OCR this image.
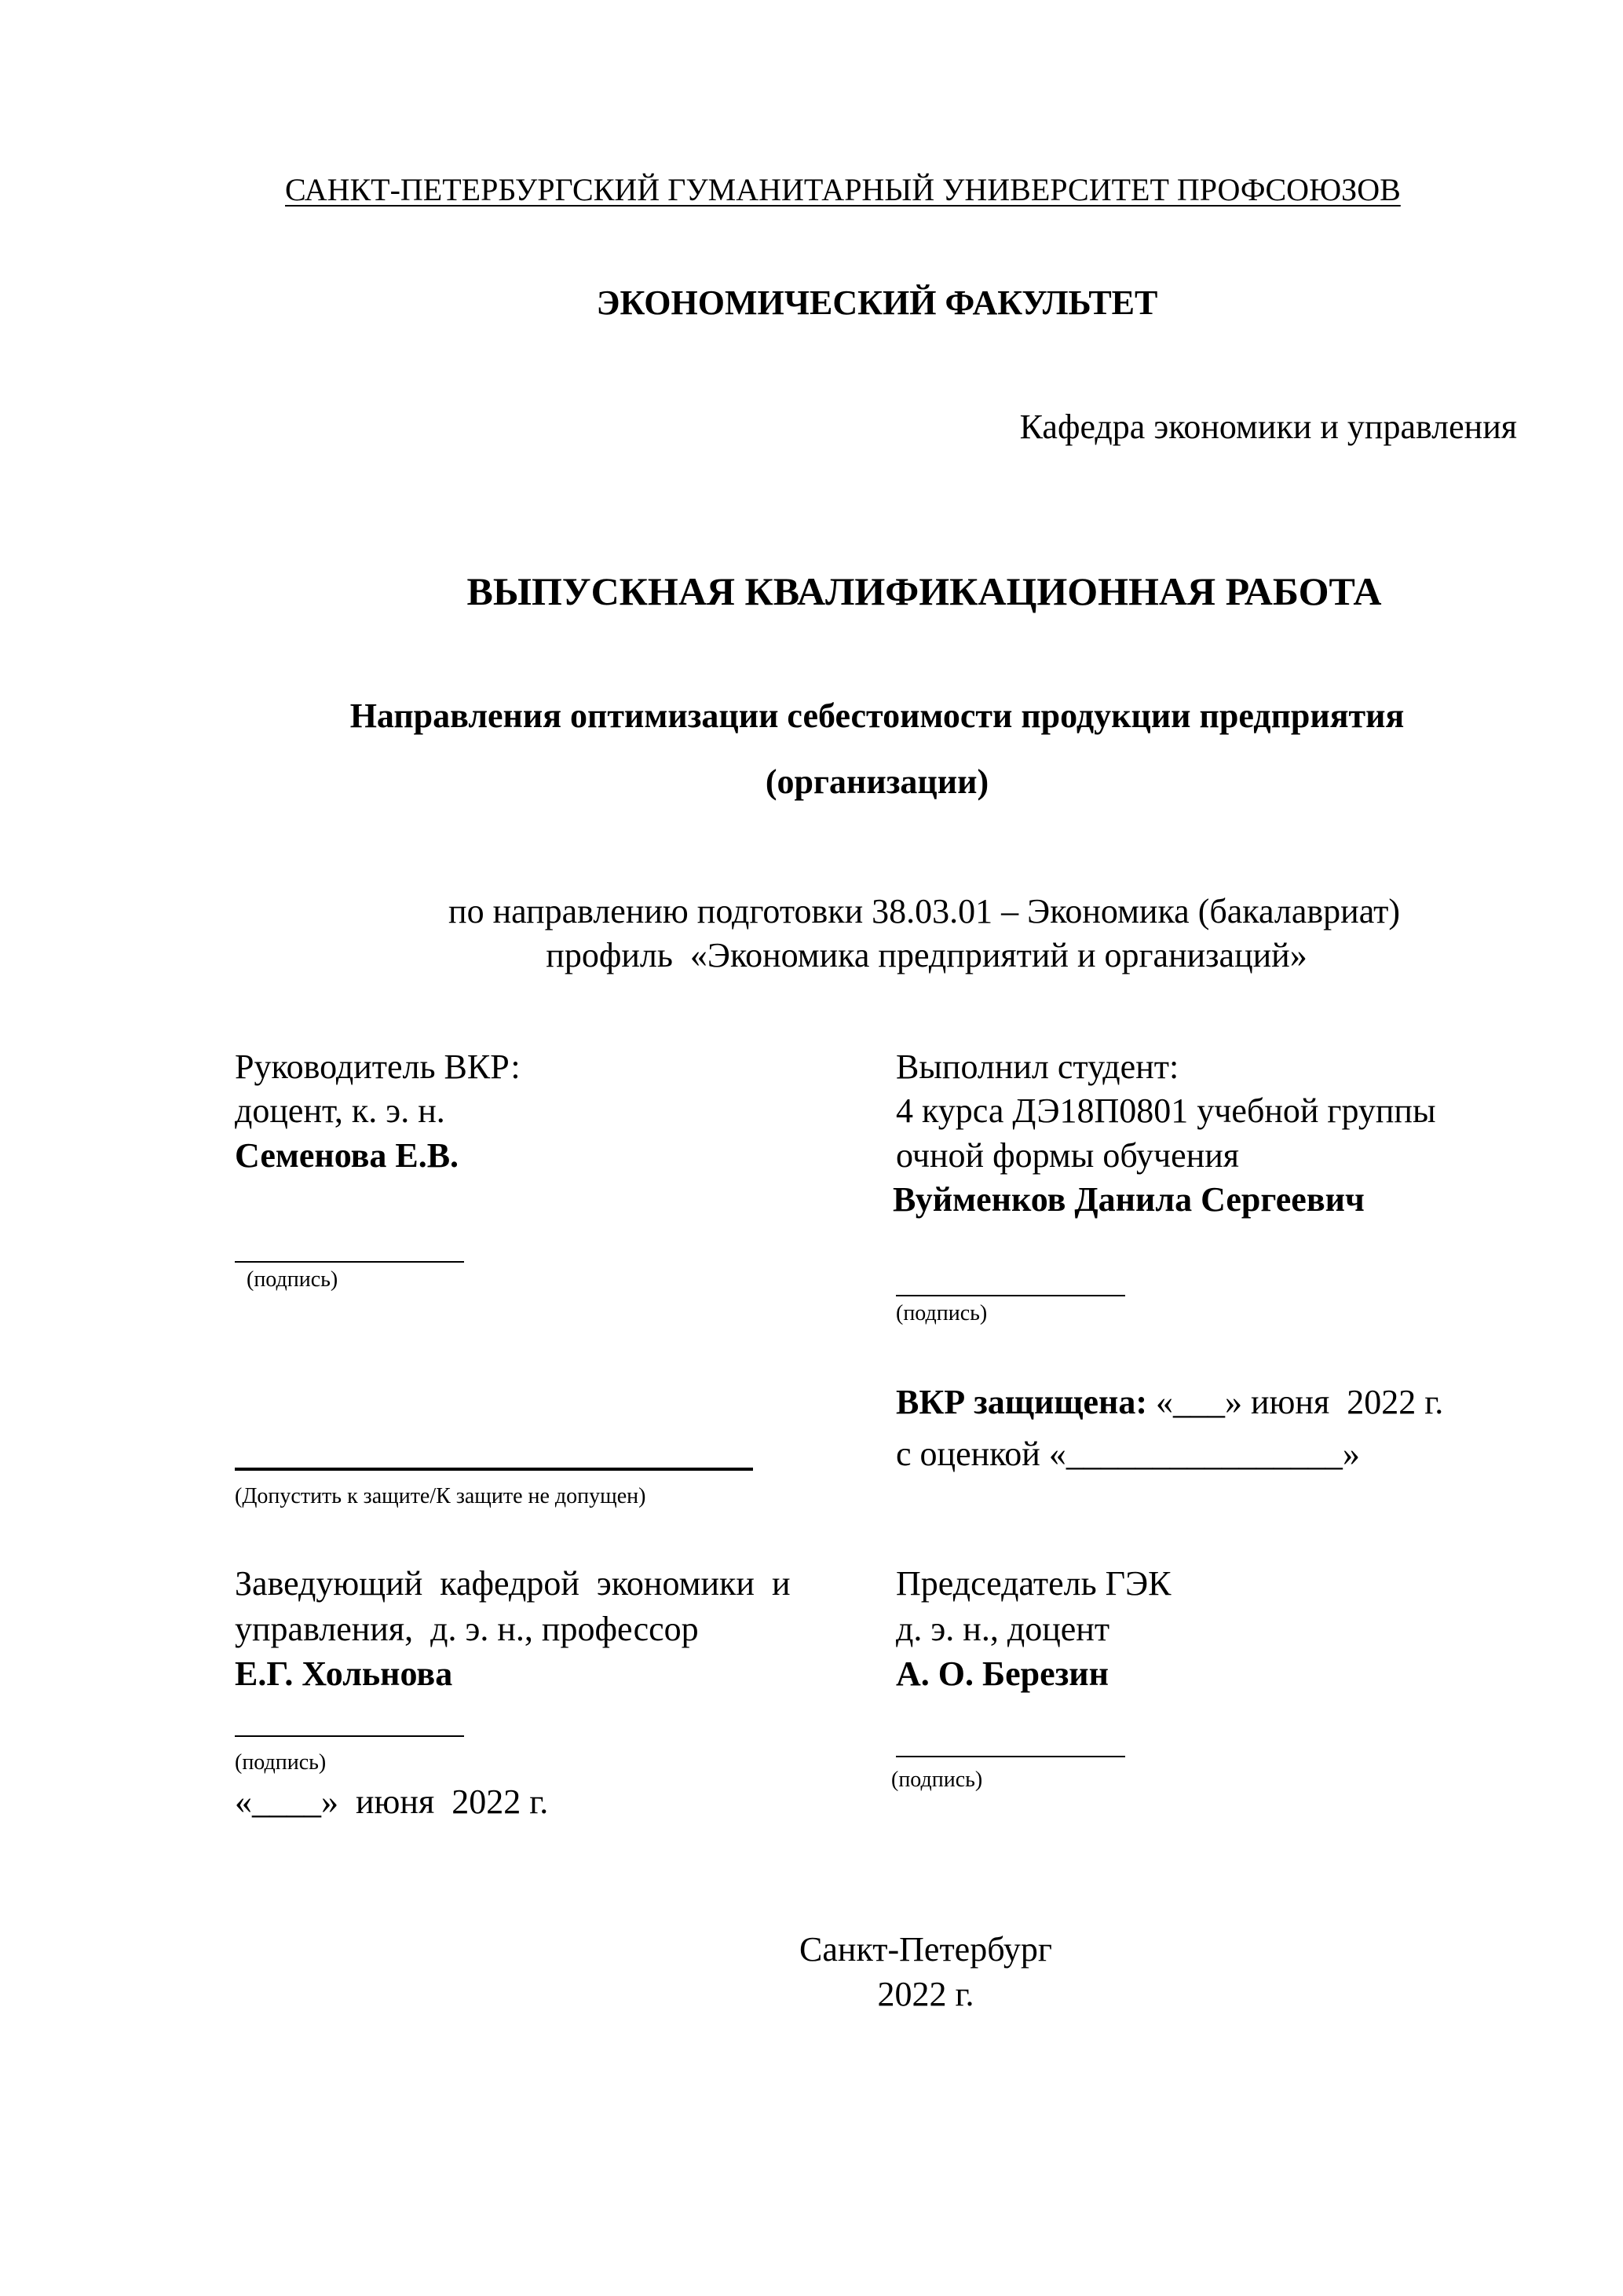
САНКТ-ПЕТЕРБУРГСКИЙ ГУМАНИТАРНЫЙ УНИВЕРСИТЕТ ПРОФСОЮЗОВ
ЭКОНОМИЧЕСКИЙ ФАКУЛЬТЕТ
Кафедра экономики и управления
ВЫПУСКНАЯ КВАЛИФИКАЦИОННАЯ РАБОТА
Направления оптимизации себестоимости продукции предприятия
(организации)
по направлению подготовки 38.03.01 – Экономика (бакалавриат)
профиль  «Экономика предприятий и организаций»
Руководитель ВКР:
доцент, к. э. н.
Семенова Е.В.
(подпись)
(Допустить к защите/К защите не допущен)
Заведующий  кафедрой  экономики  и
управления,  д. э. н., профессор
Е.Г. Хольнова
(подпись)
«____»  июня  2022 г.
Выполнил студент:
4 курса ДЭ18П0801 учебной группы
очной формы обучения
Вуйменков Данила Сергеевич
(подпись)
ВКР защищена: «___» июня  2022 г.
с оценкой «________________»
Председатель ГЭК
д. э. н., доцент
А. О. Березин
(подпись)
Санкт-Петербург
2022 г.
